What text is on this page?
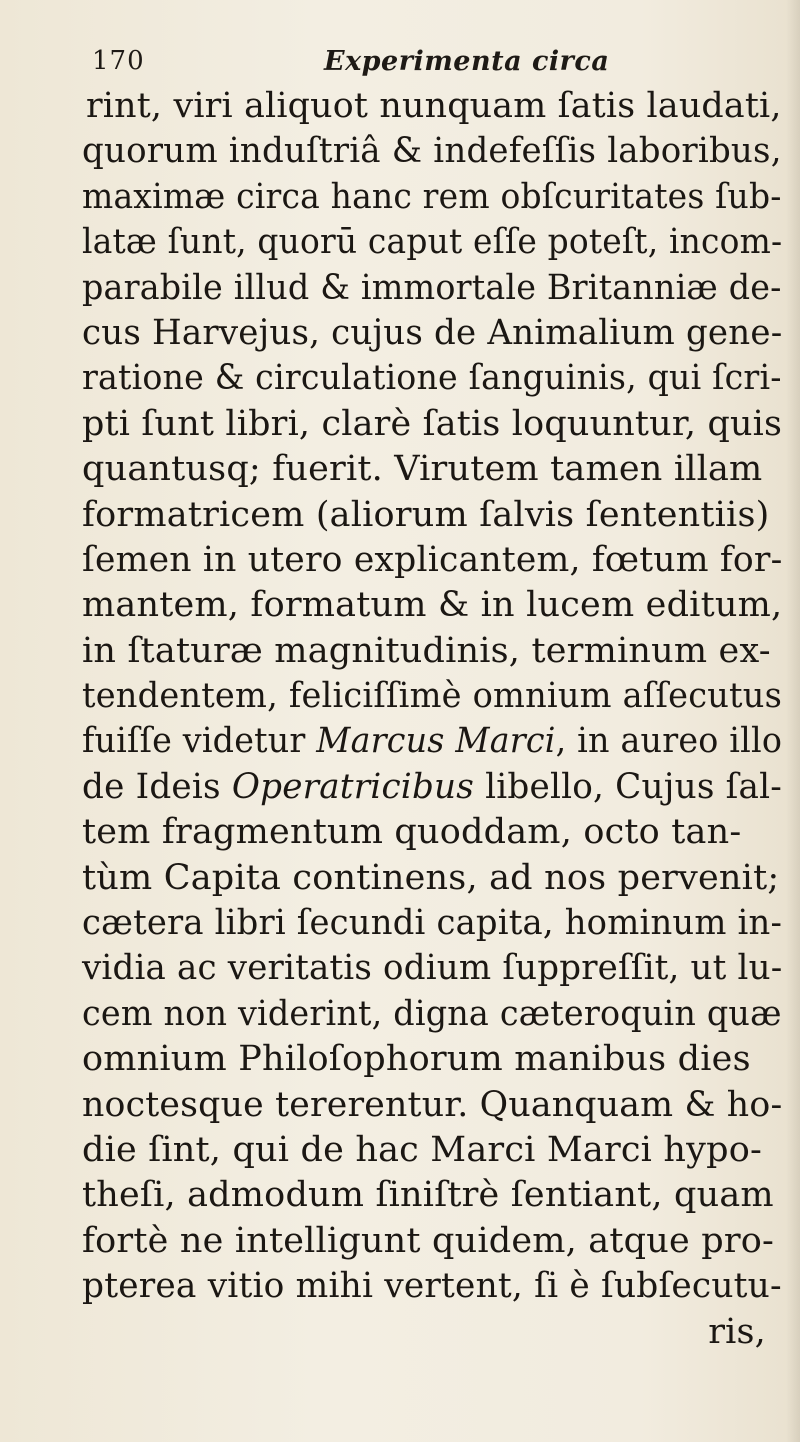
170	Experimenta circa
rint, viri aliquot nunquam ſatis laudati,
quorum induſtriâ & indefeſſis laboribus,
maximæ circa hanc rem obſcuritates ſub-
latæ ſunt, quorū caput eſſe poteſt, incom-
parabile illud & immortale Britanniæ de-
cus Harvejus, cujus de Animalium gene-
ratione & circulatione ſanguinis, qui ſcri-
pti ſunt libri, clarè ſatis loquuntur, quis
quantusq; fuerit. Virutem tamen illam
formatricem (aliorum ſalvis ſententiis)
ſemen in utero explicantem, fœtum for-
mantem, formatum & in lucem editum,
in ſtaturæ magnitudinis, terminum ex-
tendentem, feliciſſimè omnium aſſecutus
fuiſſe videtur Marcus Marci, in aureo illo
de Ideis Operatricibus libello, Cujus ſal-
tem fragmentum quoddam, octo tan-
tùm Capita continens, ad nos pervenit;
cætera libri ſecundi capita, hominum in-
vidia ac veritatis odium ſuppreſſit, ut lu-
cem non viderint, digna cæteroquin quæ
omnium Philoſophorum manibus dies
noctesque tererentur. Quanquam & ho-
die ſint, qui de hac Marci Marci hypo-
theſi, admodum ſiniſtrè ſentiant, quam
fortè ne intelligunt quidem, atque pro-
pterea vitio mihi vertent, ſi è ſubſecutu-
ris,
